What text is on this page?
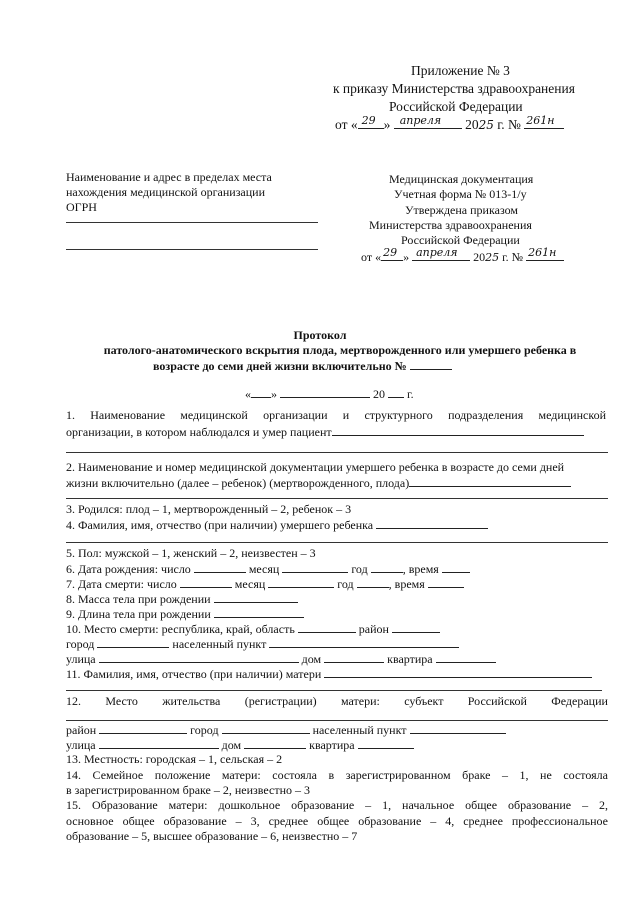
Приложение № 3
к приказу Министерства здравоохранения
Российской Федерации
от « 29 » апреля 2025 г. № 261н
Наименование и адрес в пределах места
нахождения медицинской организации
ОГРН
Медицинская документация
Учетная форма № 013-1/у
Утверждена приказом
Министерства здравоохранения
Российской Федерации
от « 29 » апреля 2025 г. № 261н
Протокол
патолого-анатомического вскрытия плода, мертворожденного или умершего ребенка в
возрасте до семи дней жизни включительно №
« »	20 г.
1. Наименование медицинской организации и структурного подразделения медицинской
организации, в котором наблюдался и умер пациент
2. Наименование и номер медицинской документации умершего ребенка в возрасте до семи дней
жизни включительно (далее – ребенок) (мертворожденного, плода)
3. Родился: плод – 1, мертворожденный – 2, ребенок – 3
4. Фамилия, имя, отчество (при наличии) умершего ребенка
5. Пол: мужской – 1, женский – 2, неизвестен – 3
6. Дата рождения: число	месяц	год	, время
7. Дата смерти: число	месяц	год	, время
8. Масса тела при рождении
9. Длина тела при рождении
10. Место смерти: республика, край, область	район
город	населенный пункт
улица	дом	квартира
11. Фамилия, имя, отчество (при наличии) матери
12. Место жительства (регистрации) матери: субъект Российской Федерации
район	город	населенный пункт
улица	дом	квартира
13. Местность: городская – 1, сельская – 2
14. Семейное положение матери: состояла в зарегистрированном браке – 1, не состояла
в зарегистрированном браке – 2, неизвестно – 3
15. Образование матери: дошкольное образование – 1, начальное общее образование – 2,
основное общее образование – 3, среднее общее образование – 4, среднее профессиональное
образование – 5, высшее образование – 6, неизвестно – 7
